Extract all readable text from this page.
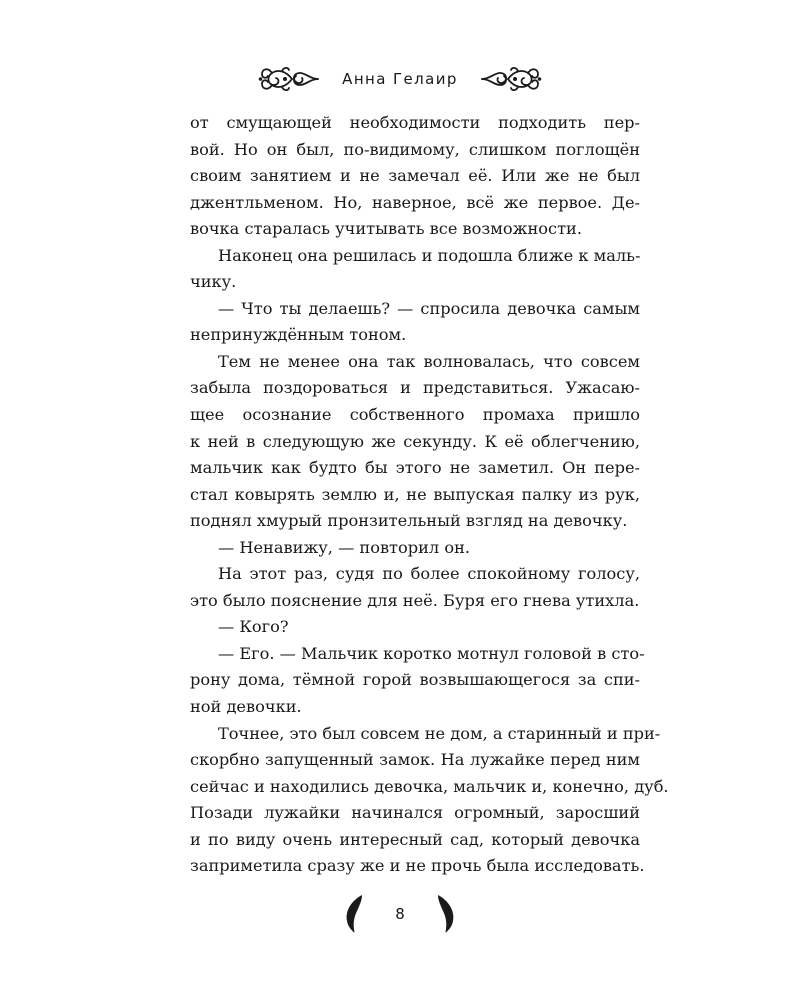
Анна Гелаир
от смущающей необходимости подходить пер-
вой. Но он был, по-видимому, слишком поглощён
своим занятием и не замечал её. Или же не был
джентльменом. Но, наверное, всё же первое. Де-
вочка старалась учитывать все возможности.
Наконец она решилась и подошла ближе к маль-
чику.
— Что ты делаешь? — спросила девочка самым
непринуждённым тоном.
Тем не менее она так волновалась, что совсем
забыла поздороваться и представиться. Ужасаю-
щее осознание собственного промаха пришло
к ней в следующую же секунду. К её облегчению,
мальчик как будто бы этого не заметил. Он пере-
стал ковырять землю и, не выпуская палку из рук,
поднял хмурый пронзительный взгляд на девочку.
— Ненавижу, — повторил он.
На этот раз, судя по более спокойному голосу,
это было пояснение для неё. Буря его гнева утихла.
— Кого?
— Его. — Мальчик коротко мотнул головой в сто-
рону дома, тёмной горой возвышающегося за спи-
ной девочки.
Точнее, это был совсем не дом, а старинный и при-
скорбно запущенный замок. На лужайке перед ним
сейчас и находились девочка, мальчик и, конечно, дуб.
Позади лужайки начинался огромный, заросший
и по виду очень интересный сад, который девочка
заприметила сразу же и не прочь была исследовать.
8
